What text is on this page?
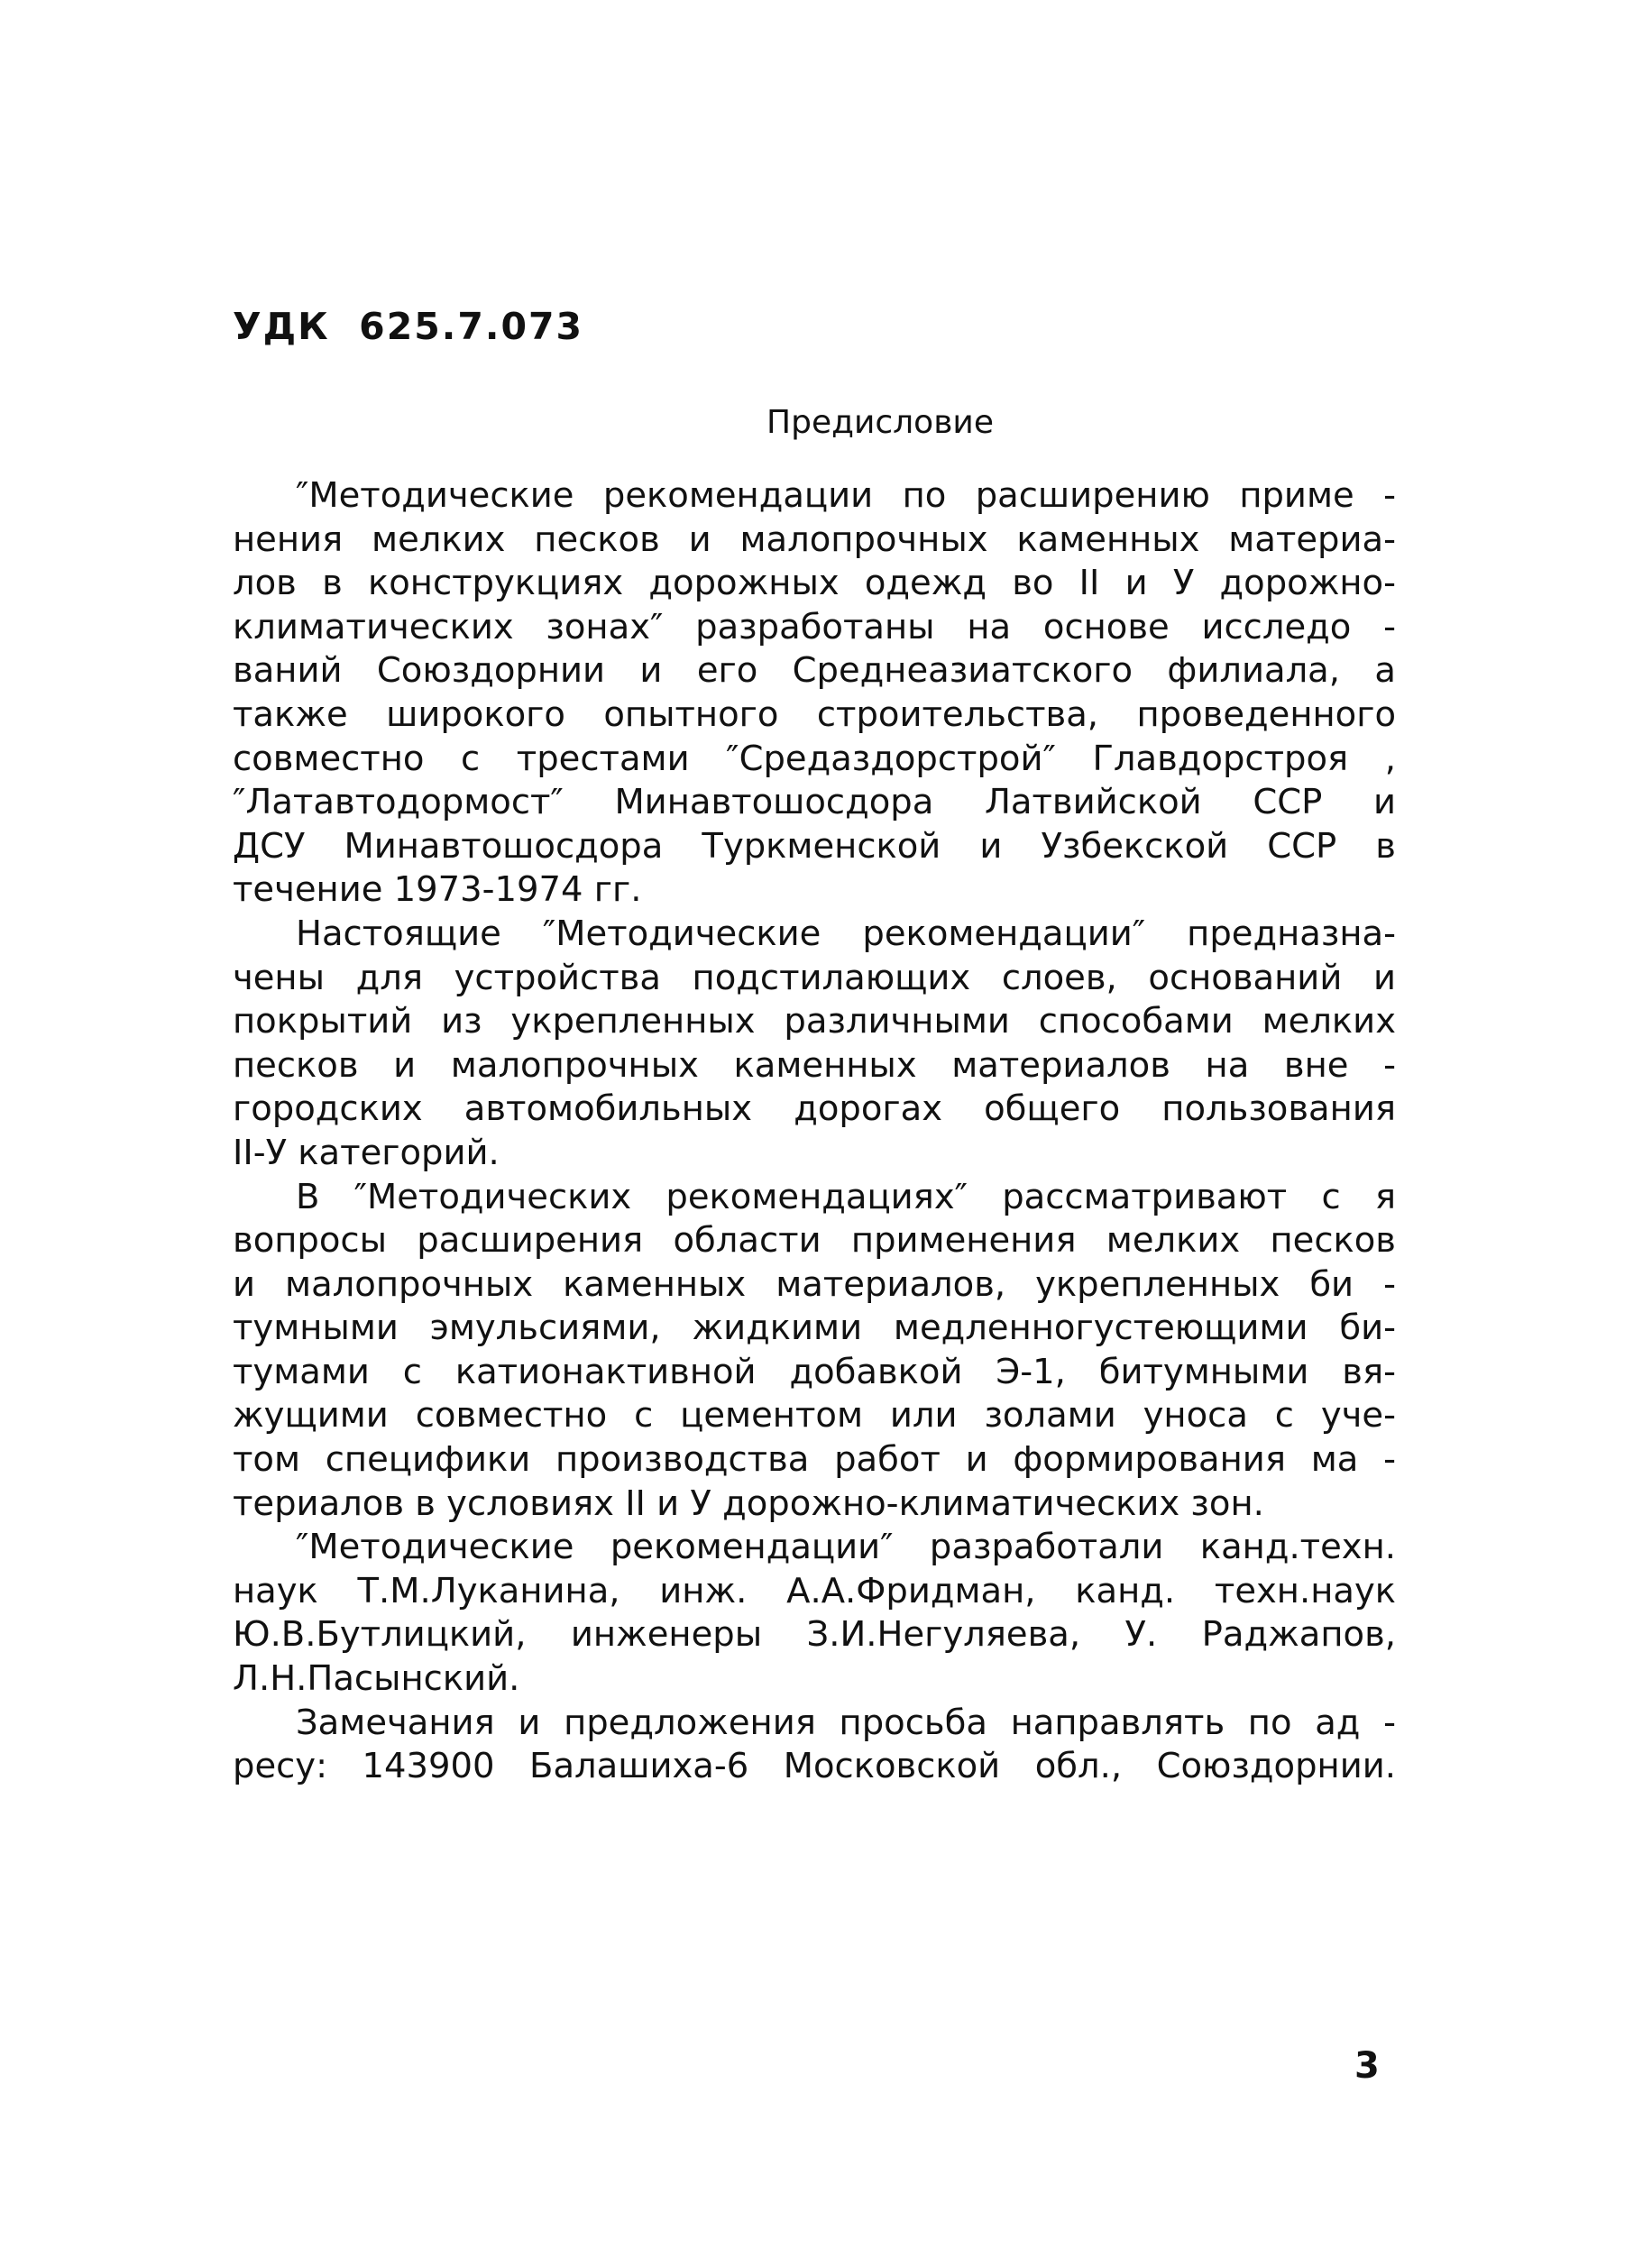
УДК  625.7.073
Предисловие
″Методические рекомендации по расширению приме -
нения мелких песков и малопрочных каменных материа-
лов в конструкциях дорожных одежд во II и У дорожно-
климатических зонах″ разработаны на основе исследо -
ваний Союздорнии и его Среднеазиатского филиала, а
также широкого опытного строительства, проведенного
совместно с трестами ″Средаздорстрой″ Главдорстроя ,
″Латавтодормост″ Минавтошосдора Латвийской ССР и
ДСУ Минавтошосдора Туркменской и Узбекской ССР в
течение 1973-1974 гг.
Настоящие ″Методические рекомендации″ предназна-
чены для устройства подстилающих слоев, оснований и
покрытий из укрепленных различными способами мелких
песков и малопрочных каменных материалов на вне -
городских автомобильных дорогах общего пользования
II-У категорий.
В ″Методических рекомендациях″ рассматривают с я
вопросы расширения области применения мелких песков
и малопрочных каменных материалов, укрепленных би -
тумными эмульсиями, жидкими медленногустеющими би-
тумами с катионактивной добавкой Э-1, битумными вя-
жущими совместно с цементом или золами уноса с уче-
том специфики производства работ и формирования ма -
териалов в условиях II и У дорожно-климатических зон.
″Методические рекомендации″ разработали канд.техн.
наук Т.М.Луканина, инж. А.А.Фридман, канд. техн.наук
Ю.В.Бутлицкий, инженеры З.И.Негуляева, У. Раджапов,
Л.Н.Пасынский.
Замечания и предложения просьба направлять по ад -
ресу: 143900 Балашиха-6 Московской обл., Союздорнии.
3
